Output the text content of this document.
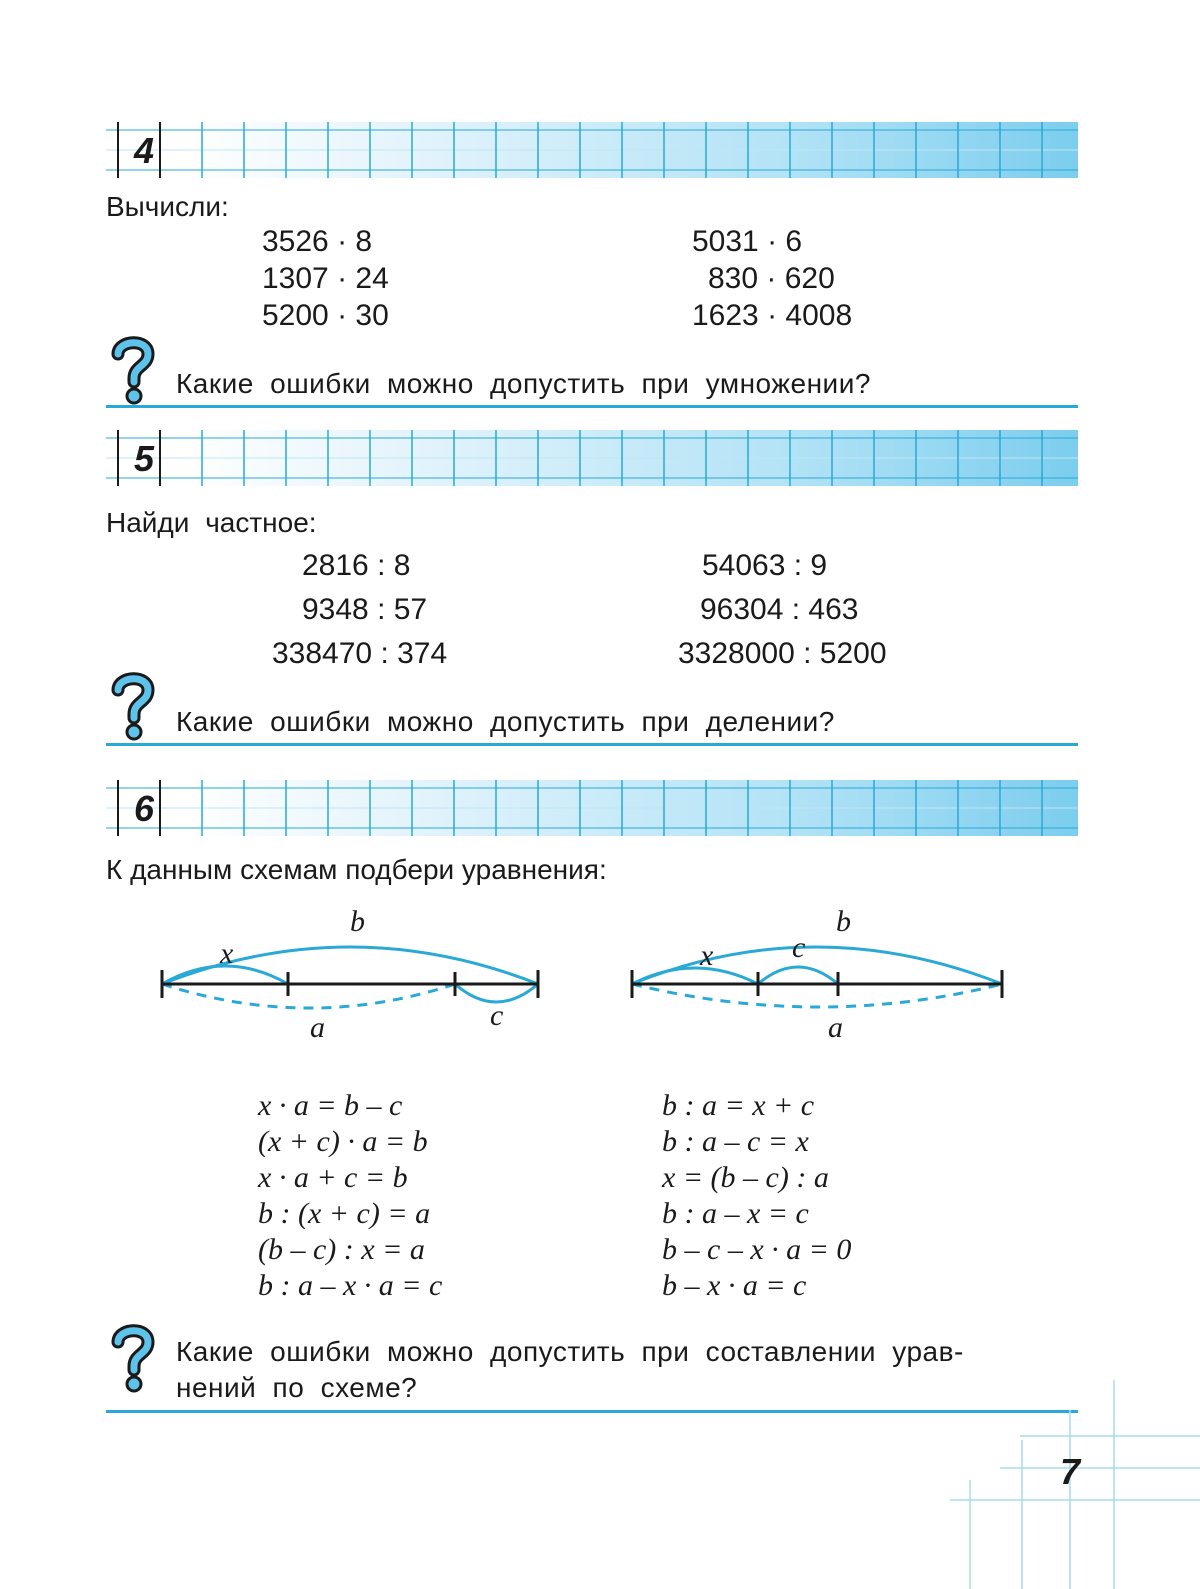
4
Вычисли:
3526 · 8
1307 · 24
5200 · 30
5031 · 6
830 · 620
1623 · 4008
Какие ошибки можно допустить при умножении?
5
Найди частное:
2816 : 8
9348 : 57
338470 : 374
54063 : 9
96304 : 463
3328000 : 5200
Какие ошибки можно допустить при делении?
6
К данным схемам подбери уравнения:
b
x
a	c
b
x	c
a
x · a = b – c
(x + c) · a = b
x · a + c = b
b : (x + c) = a
(b – c) : x = a
b : a – x · a = c
b : a = x + c
b : a – c = x
x = (b – c) : a
b : a – x = c
b – c – x · a = 0
b – x · a = c
Какие ошибки можно допустить при составлении урав-
нений по схеме?
7
